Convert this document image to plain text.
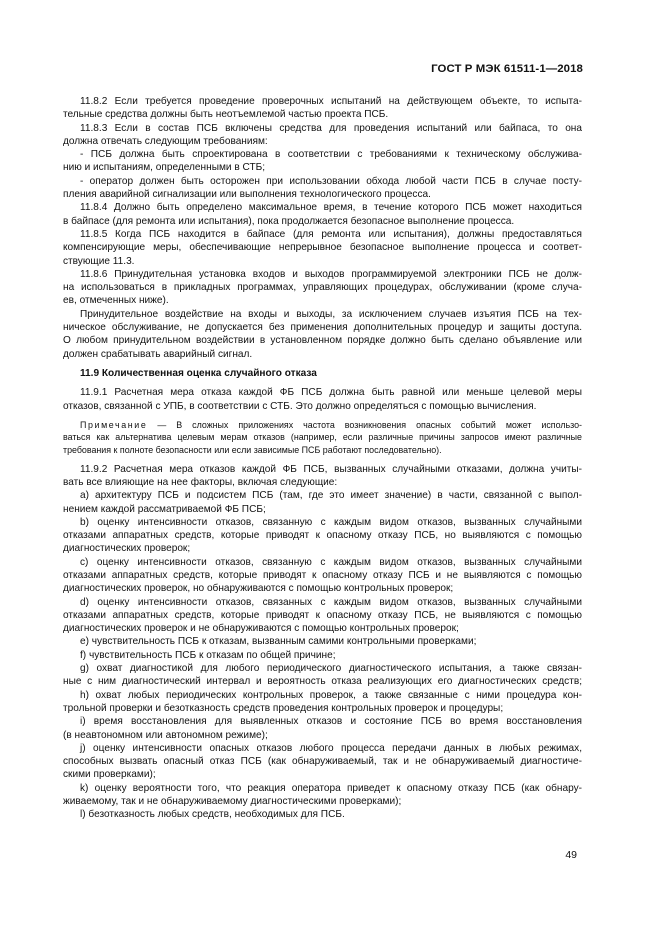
ГОСТ Р МЭК 61511-1—2018
11.8.2 Если требуется проведение проверочных испытаний на действующем объекте, то испыта-
тельные средства должны быть неотъемлемой частью проекта ПСБ.
11.8.3 Если в состав ПСБ включены средства для проведения испытаний или байпаса, то она
должна отвечать следующим требованиям:
- ПСБ должна быть спроектирована в соответствии с требованиями к техническому обслужива-
нию и испытаниям, определенными в СТБ;
- оператор должен быть осторожен при использовании обхода любой части ПСБ в случае посту-
пления аварийной сигнализации или выполнения технологического процесса.
11.8.4 Должно быть определено максимальное время, в течение которого ПСБ может находиться
в байпасе (для ремонта или испытания), пока продолжается безопасное выполнение процесса.
11.8.5 Когда ПСБ находится в байпасе (для ремонта или испытания), должны предоставляться
компенсирующие меры, обеспечивающие непрерывное безопасное выполнение процесса и соответ-
ствующие 11.3.
11.8.6 Принудительная установка входов и выходов программируемой электроники ПСБ не долж-
на использоваться в прикладных программах, управляющих процедурах, обслуживании (кроме случа-
ев, отмеченных ниже).
Принудительное воздействие на входы и выходы, за исключением случаев изъятия ПСБ на тех-
ническое обслуживание, не допускается без применения дополнительных процедур и защиты доступа.
О любом принудительном воздействии в установленном порядке должно быть сделано объявление или
должен срабатывать аварийный сигнал.
11.9 Количественная оценка случайного отказа
11.9.1 Расчетная мера отказа каждой ФБ ПСБ должна быть равной или меньше целевой меры
отказов, связанной с УПБ, в соответствии с СТБ. Это должно определяться с помощью вычисления.
Примечание — В сложных приложениях частота возникновения опасных событий может использо-
ваться как альтернатива целевым мерам отказов (например, если различные причины запросов имеют различные
требования к полноте безопасности или если зависимые ПСБ работают последовательно).
11.9.2 Расчетная мера отказов каждой ФБ ПСБ, вызванных случайными отказами, должна учиты-
вать все влияющие на нее факторы, включая следующие:
a) архитектуру ПСБ и подсистем ПСБ (там, где это имеет значение) в части, связанной с выпол-
нением каждой рассматриваемой ФБ ПСБ;
b) оценку интенсивности отказов, связанную с каждым видом отказов, вызванных случайными
отказами аппаратных средств, которые приводят к опасному отказу ПСБ, но выявляются с помощью
диагностических проверок;
c) оценку интенсивности отказов, связанную с каждым видом отказов, вызванных случайными
отказами аппаратных средств, которые приводят к опасному отказу ПСБ и не выявляются с помощью
диагностических проверок, но обнаруживаются с помощью контрольных проверок;
d) оценку интенсивности отказов, связанных с каждым видом отказов, вызванных случайными
отказами аппаратных средств, которые приводят к опасному отказу ПСБ, не выявляются с помощью
диагностических проверок и не обнаруживаются с помощью контрольных проверок;
e) чувствительность ПСБ к отказам, вызванным самими контрольными проверками;
f) чувствительность ПСБ к отказам по общей причине;
g) охват диагностикой для любого периодического диагностического испытания, а также связан-
ные с ним диагностический интервал и вероятность отказа реализующих его диагностических средств;
h) охват любых периодических контрольных проверок, а также связанные с ними процедура кон-
трольной проверки и безотказность средств проведения контрольных проверок и процедуры;
i) время восстановления для выявленных отказов и состояние ПСБ во время восстановления
(в неавтономном или автономном режиме);
j) оценку интенсивности опасных отказов любого процесса передачи данных в любых режимах,
способных вызвать опасный отказ ПСБ (как обнаруживаемый, так и не обнаруживаемый диагностиче-
скими проверками);
k) оценку вероятности того, что реакция оператора приведет к опасному отказу ПСБ (как обнару-
живаемому, так и не обнаруживаемому диагностическими проверками);
l) безотказность любых средств, необходимых для ПСБ.
49
